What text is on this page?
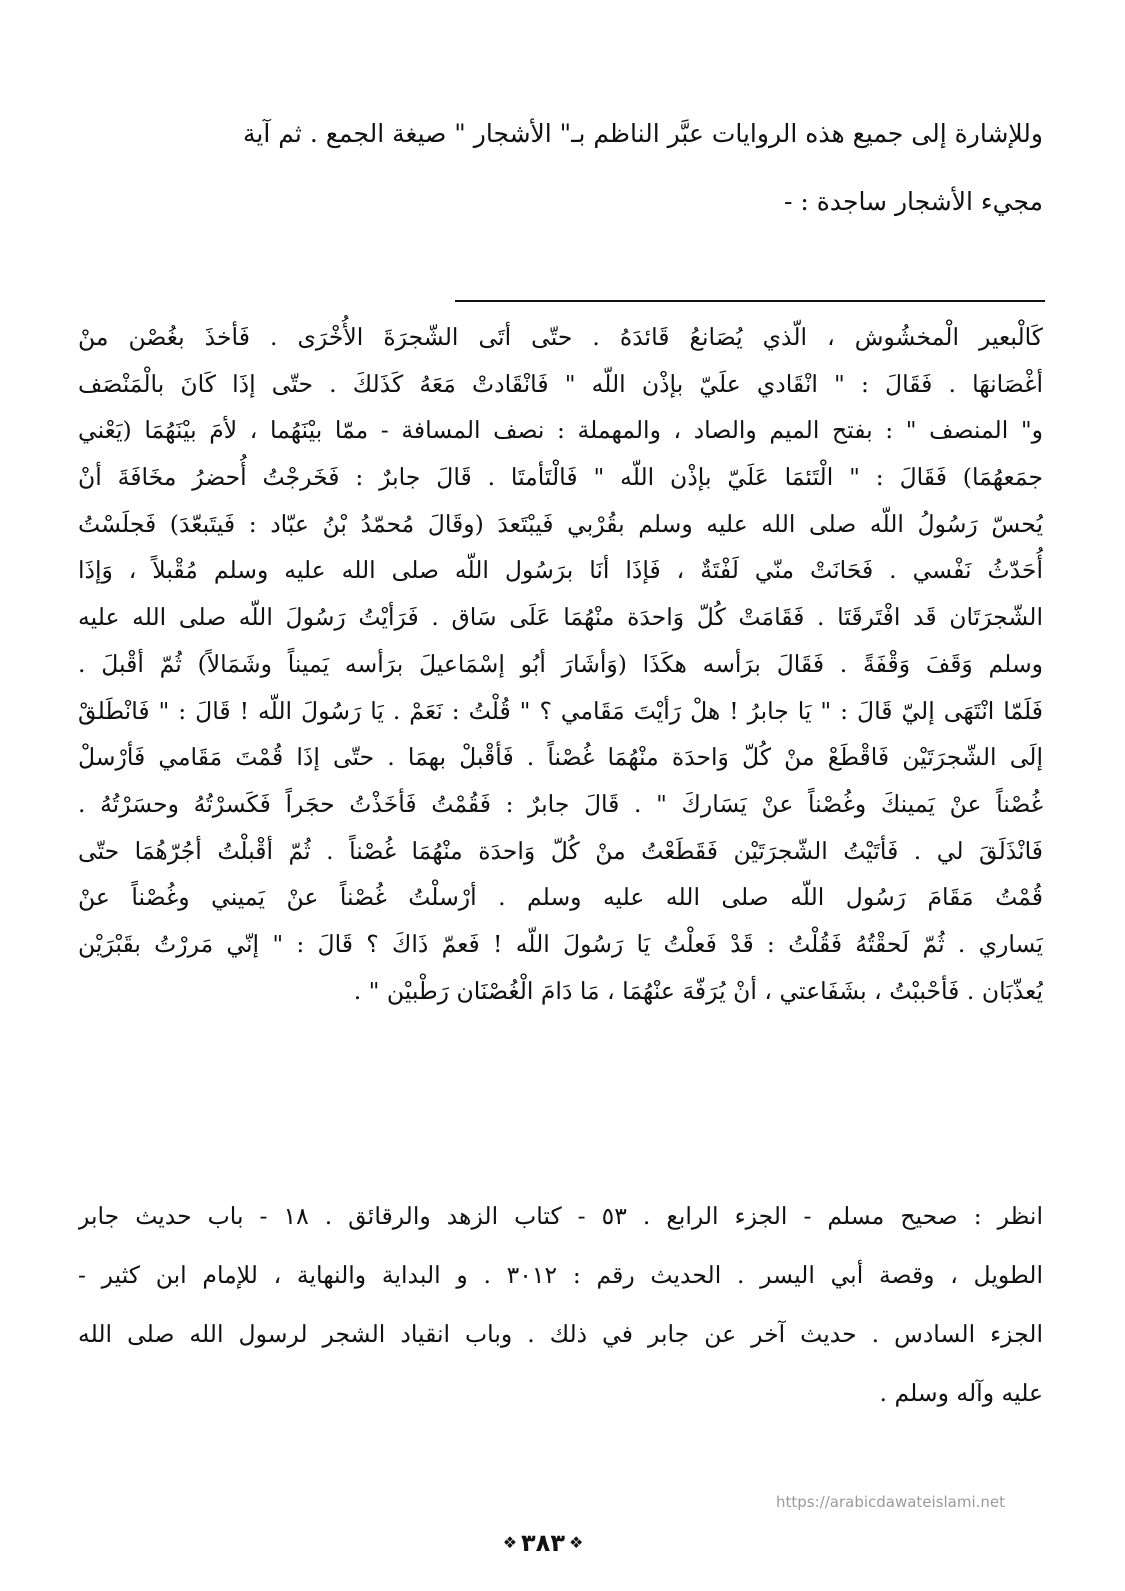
وللإشارة إلى جميع هذه الروايات عبَّر الناظم بـ" الأشجار " صيغة الجمع . ثم آية
مجيء الأشجار ساجدة : -
كَالْبعير الْمخشُوش ، الّذي يُصَانعُ قَائدَهُ . حتّى أتَى الشّجرَةَ الأُخْرَى . فَأخذَ بغُصْن منْ
أغْصَانهَا . فَقَالَ : " انْقَادي علَيّ بإذْن اللّه " فَانْقَادتْ مَعَهُ كَذَلكَ . حتّى إذَا كَانَ بالْمَنْصَف
و" المنصف " : بفتح الميم والصاد ، والمهملة : نصف المسافة - ممّا بيْنَهُما ، لأمَ بيْنَهُمَا (يَعْني
جمَعهُمَا) فَقَالَ : " الْتَئمَا عَلَيّ بإذْن اللّه " فَالْتَأمتَا . قَالَ جابرٌ : فَخَرجْتُ أُحضرُ مخَافَةَ أنْ
يُحسّ رَسُولُ اللّه صلى الله عليه وسلم بقُرْبي فَيبْتَعدَ (وقَالَ مُحمّدُ بْنُ عبّاد : فَيتَبعّدَ) فَجلَسْتُ
أُحَدّثُ نَفْسي . فَحَانَتْ منّي لَفْتَةٌ ، فَإذَا أنَا برَسُول اللّه صلى الله عليه وسلم مُقْبلاً ، وَإذَا
الشّجرَتَان قَد افْتَرقَتَا . فَقَامَتْ كُلّ وَاحدَة منْهُمَا عَلَى سَاق . فَرَأيْتُ رَسُولَ اللّه صلى الله عليه
وسلم وَقَفَ وَقْفَةً . فَقَالَ برَأسه هكَذَا (وَأشَارَ أبُو إسْمَاعيلَ برَأسه يَميناً وشَمَالاً) ثُمّ أقْبلَ .
فَلَمّا انْتَهَى إليّ قَالَ : " يَا جابرُ ! هلْ رَأيْتَ مَقَامي ؟ " قُلْتُ : نَعَمْ . يَا رَسُولَ اللّه ! قَالَ : " فَانْطَلقْ
إلَى الشّجرَتَيْن فَاقْطَعْ منْ كُلّ وَاحدَة منْهُمَا غُصْناً . فَأقْبلْ بهمَا . حتّى إذَا قُمْتَ مَقَامي فَأرْسلْ
غُصْناً عنْ يَمينكَ وغُصْناً عنْ يَسَاركَ " . قَالَ جابرٌ : فَقُمْتُ فَأخَذْتُ حجَراً فَكَسرْتُهُ وحسَرْتُهُ .
فَانْذَلَقَ لي . فَأتَيْتُ الشّجرَتَيْن فَقَطَعْتُ منْ كُلّ وَاحدَة منْهُمَا غُصْناً . ثُمّ أقْبلْتُ أجُرّهُمَا حتّى
قُمْتُ مَقَامَ رَسُول اللّه صلى الله عليه وسلم . أرْسلْتُ غُصْناً عنْ يَميني وغُصْناً عنْ
يَساري . ثُمّ لَحقْتُهُ فَقُلْتُ : قَدْ فَعلْتُ يَا رَسُولَ اللّه ! فَعمّ ذَاكَ ؟ قَالَ : " إنّي مَررْتُ بقَبْرَيْن
يُعذّبَان . فَأحْببْتُ ، بشَفَاعتي ، أنْ يُرَفّهَ عنْهُمَا ، مَا دَامَ الْغُصْنَان رَطْبيْن " .
انظر : صحيح مسلم - الجزء الرابع . ٥٣ - كتاب الزهد والرقائق . ١٨ - باب حديث جابر
الطويل ، وقصة أبي اليسر . الحديث رقم : ٣٠١٢ . و البداية والنهاية ، للإمام ابن كثير -
الجزء السادس . حديث آخر عن جابر في ذلك . وباب انقياد الشجر لرسول الله صلى الله
عليه وآله وسلم .
https://arabicdawateislami.net
❖
٣٨٣
❖
